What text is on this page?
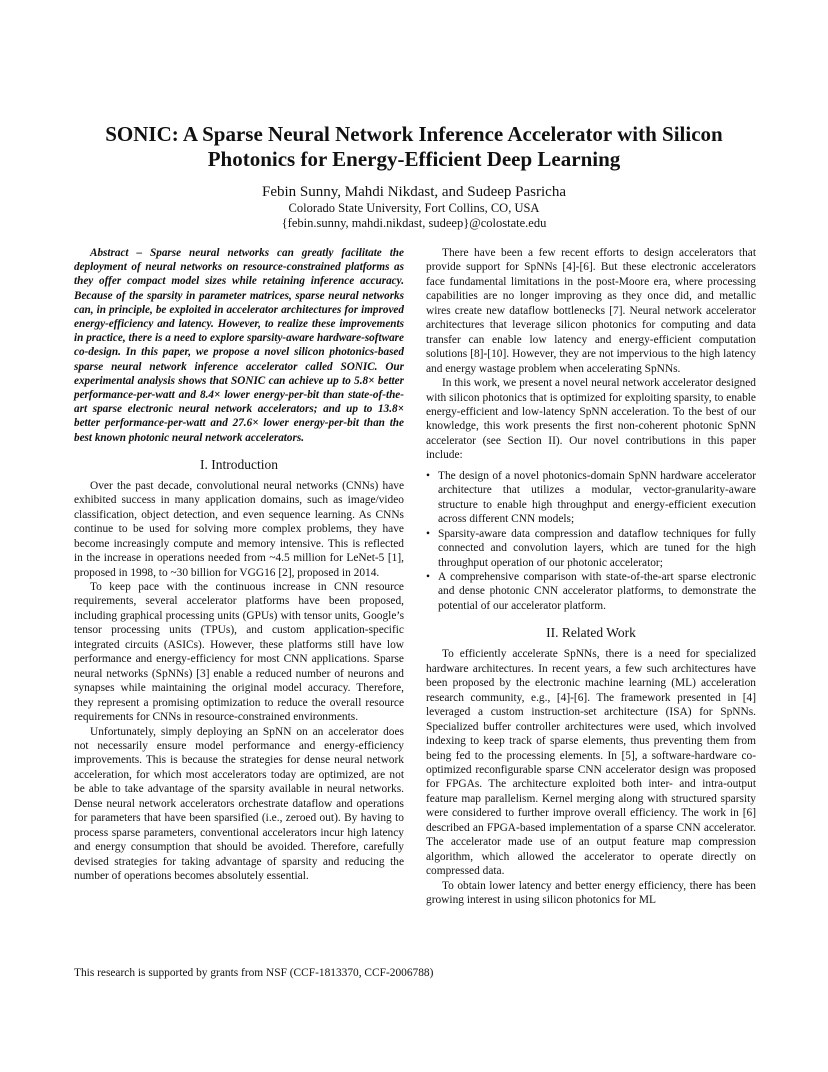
SONIC: A Sparse Neural Network Inference Accelerator with Silicon
Photonics for Energy-Efficient Deep Learning

Febin Sunny, Mahdi Nikdast, and Sudeep Pasricha

Colorado State University, Fort Collins, CO, USA
{febin.sunny, mahdi.nikdast, sudeep}@colostate.edu

Abstract – Sparse neural networks can greatly facilitate the deployment of neural networks on resource-constrained platforms as they offer compact model sizes while retaining inference accuracy. Because of the sparsity in parameter matrices, sparse neural networks can, in principle, be exploited in accelerator architectures for improved energy-efficiency and latency. However, to realize these improvements in practice, there is a need to explore sparsity-aware hardware-software co-design. In this paper, we propose a novel silicon photonics-based sparse neural network inference accelerator called SONIC. Our experimental analysis shows that SONIC can achieve up to 5.8× better performance-per-watt and 8.4× lower energy-per-bit than state-of-the-art sparse electronic neural network accelerators; and up to 13.8× better performance-per-watt and 27.6× lower energy-per-bit than the best known photonic neural network accelerators.

I. Introduction

Over the past decade, convolutional neural networks (CNNs) have exhibited success in many application domains, such as image/video classification, object detection, and even sequence learning. As CNNs continue to be used for solving more complex problems, they have become increasingly compute and memory intensive. This is reflected in the increase in operations needed from ~4.5 million for LeNet-5 [1], proposed in 1998, to ~30 billion for VGG16 [2], proposed in 2014.

To keep pace with the continuous increase in CNN resource requirements, several accelerator platforms have been proposed, including graphical processing units (GPUs) with tensor units, Google’s tensor processing units (TPUs), and custom application-specific integrated circuits (ASICs). However, these platforms still have low performance and energy-efficiency for most CNN applications. Sparse neural networks (SpNNs) [3] enable a reduced number of neurons and synapses while maintaining the original model accuracy. Therefore, they represent a promising optimization to reduce the overall resource requirements for CNNs in resource-constrained environments.

Unfortunately, simply deploying an SpNN on an accelerator does not necessarily ensure model performance and energy-efficiency improvements. This is because the strategies for dense neural network acceleration, for which most accelerators today are optimized, are not be able to take advantage of the sparsity available in neural networks. Dense neural network accelerators orchestrate dataflow and operations for parameters that have been sparsified (i.e., zeroed out). By having to process sparse parameters, conventional accelerators incur high latency and energy consumption that should be avoided. Therefore, carefully devised strategies for taking advantage of sparsity and reducing the number of operations becomes absolutely essential.

There have been a few recent efforts to design accelerators that provide support for SpNNs [4]-[6]. But these electronic accelerators face fundamental limitations in the post-Moore era, where processing capabilities are no longer improving as they once did, and metallic wires create new dataflow bottlenecks [7]. Neural network accelerator architectures that leverage silicon photonics for computing and data transfer can enable low latency and energy-efficient computation solutions [8]-[10]. However, they are not impervious to the high latency and energy wastage problem when accelerating SpNNs.

In this work, we present a novel neural network accelerator designed with silicon photonics that is optimized for exploiting sparsity, to enable energy-efficient and low-latency SpNN acceleration. To the best of our knowledge, this work presents the first non-coherent photonic SpNN accelerator (see Section II). Our novel contributions in this paper include:

• The design of a novel photonics-domain SpNN hardware accelerator architecture that utilizes a modular, vector-granularity-aware structure to enable high throughput and energy-efficient execution across different CNN models;
• Sparsity-aware data compression and dataflow techniques for fully connected and convolution layers, which are tuned for the high throughput operation of our photonic accelerator;
• A comprehensive comparison with state-of-the-art sparse electronic and dense photonic CNN accelerator platforms, to demonstrate the potential of our accelerator platform.

II. Related Work

To efficiently accelerate SpNNs, there is a need for specialized hardware architectures. In recent years, a few such architectures have been proposed by the electronic machine learning (ML) acceleration research community, e.g., [4]-[6]. The framework presented in [4] leveraged a custom instruction-set architecture (ISA) for SpNNs. Specialized buffer controller architectures were used, which involved indexing to keep track of sparse elements, thus preventing them from being fed to the processing elements. In [5], a software-hardware co-optimized reconfigurable sparse CNN accelerator design was proposed for FPGAs. The architecture exploited both inter- and intra-output feature map parallelism. Kernel merging along with structured sparsity were considered to further improve overall efficiency. The work in [6] described an FPGA-based implementation of a sparse CNN accelerator. The accelerator made use of an output feature map compression algorithm, which allowed the accelerator to operate directly on compressed data.

To obtain lower latency and better energy efficiency, there has been growing interest in using silicon photonics for ML

This research is supported by grants from NSF (CCF-1813370, CCF-2006788)
